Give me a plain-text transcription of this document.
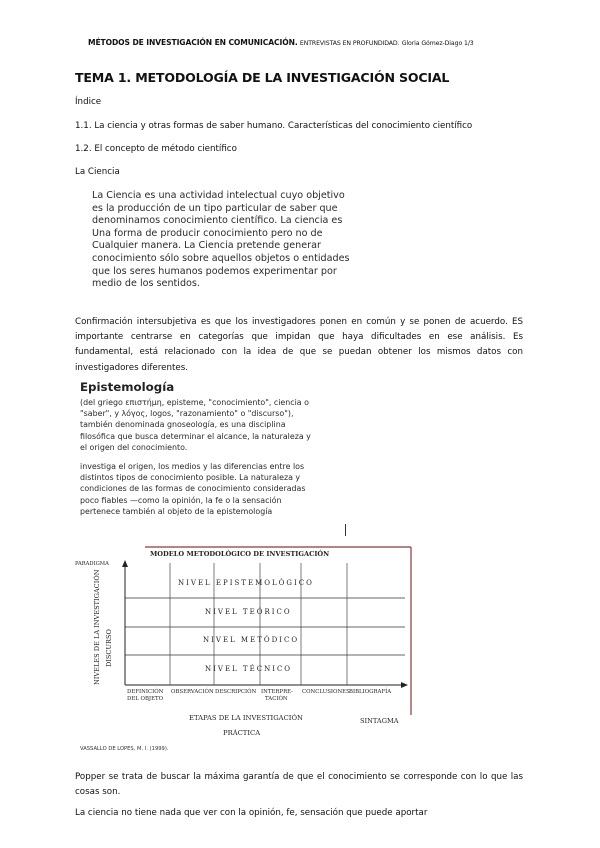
MÉTODOS DE INVESTIGACIÓN EN COMUNICACIÓN. ENTREVISTAS EN PROFUNDIDAD. Gloria Gómez-Diago 1/3
TEMA 1. METODOLOGÍA DE LA INVESTIGACIÓN SOCIAL
Índice
1.1. La ciencia y otras formas de saber humano. Características del conocimiento científico
1.2. El concepto de método científico
La Ciencia

La Ciencia es una actividad intelectual cuyo objetivo

es la producción de un tipo particular de saber que

denominamos conocimiento científico. La ciencia es

Una forma de producir conocimiento pero no de

Cualquier manera. La Ciencia pretende generar

conocimiento sólo sobre aquellos objetos o entidades

que los seres humanos podemos experimentar por

medio de los sentidos.

Confirmación intersubjetiva es que los investigadores ponen en común y se ponen de acuerdo. ES importante centrarse en categorías que impidan que haya dificultades en ese análisis. Es fundamental, está relacionado con la idea de que se puedan obtener los mismos datos con investigadores diferentes.
Epistemología

(del griego επιστήμη, episteme, "conocimiento", ciencia o

"saber", y λόγος, logos, "razonamiento" o "discurso"),

también denominada gnoseología, es una disciplina

filosófica que busca determinar el alcance, la naturaleza y

el origen del conocimiento.

investiga el origen, los medios y las diferencias entre los

distintos tipos de conocimiento posible. La naturaleza y

condiciones de las formas de conocimiento consideradas

poco fiables —como la opinión, la fe o la sensación

pertenece también al objeto de la epistemología

MODELO METODOLÓGICO DE INVESTIGACIÓN
PARADIGMA
NIVELES DE LA INVESTIGACIÓN DISCURSO
NIVEL EPISTEMOLÓGICO
NIVEL TEÓRICO
NIVEL METÓDICO
NIVEL TÉCNICO
DEFINICIÓN
DEL OBJETO
OBSERVACIÓN DESCRIPCIÓN INTERPRE-
TACIÓN
CONCLUSIONES BIBLIOGRAFÍA
ETAPAS DE LA INVESTIGACIÓN
PRÁCTICA
SINTAGMA
VASSALLO DE LOPES, M. I. (1999).
Popper se trata de buscar la máxima garantía de que el conocimiento se corresponde con lo que las cosas son.
La ciencia no tiene nada que ver con la opinión, fe, sensación que puede aportar
